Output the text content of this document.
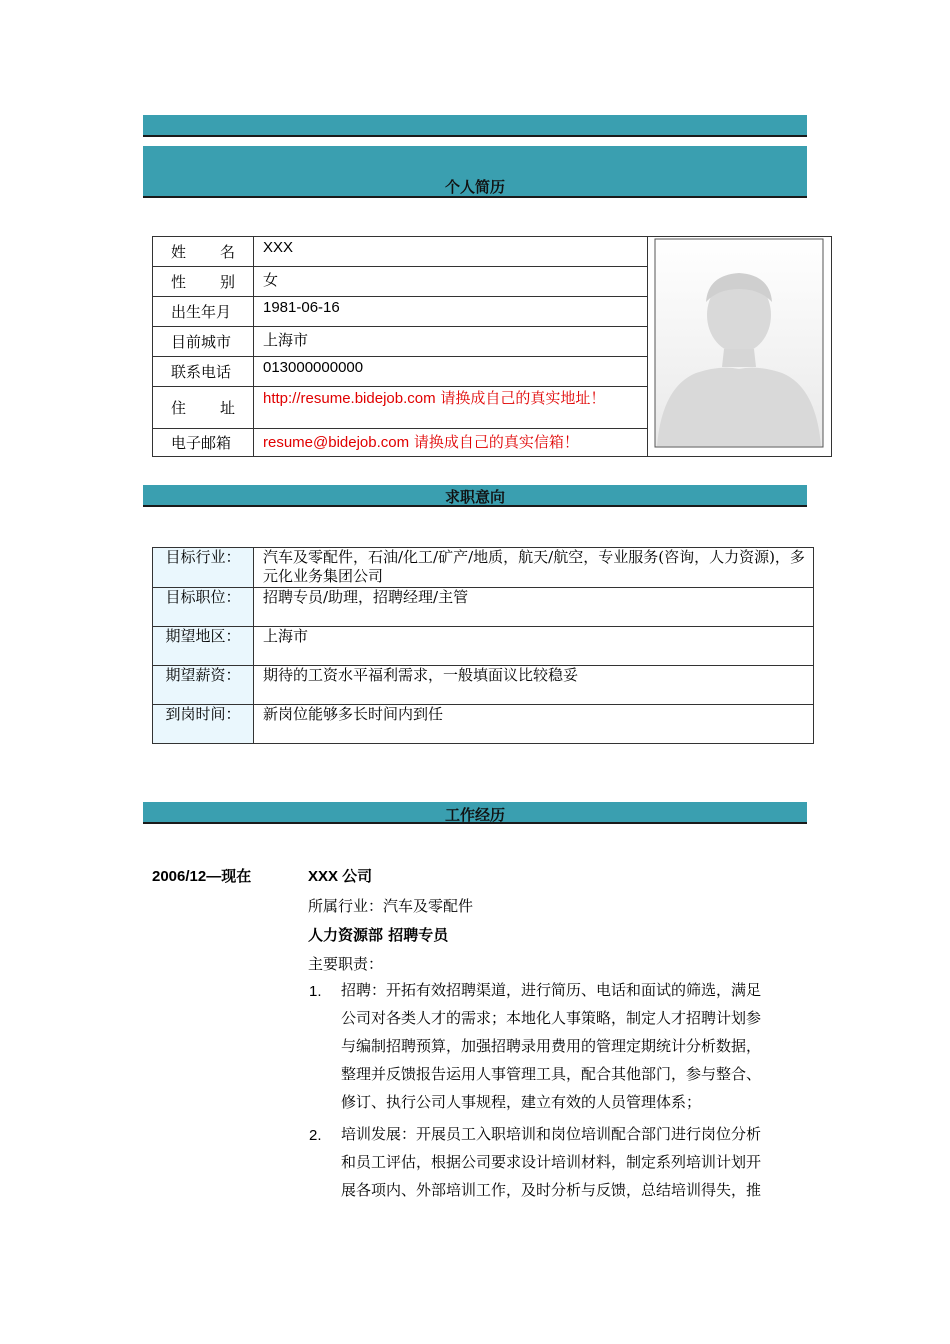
个人简历
姓 名	XXX	

性 别	女	

出生年月	1981-06-16	

目前城市	上海市	

联系电话	013000000000	

住 址	http://resume.bidejob.com 请换成自己的真实地址！	

电子邮箱	resume@bidejob.com 请换成自己的真实信箱！	
求职意向
目标行业：	汽车及零配件，石油/化工/矿产/地质，航天/航空，专业服务(咨询，人力资源)，多元化业务集团公司
目标职位：	招聘专员/助理，招聘经理/主管
期望地区：	上海市
期望薪资：	期待的工资水平福利需求，一般填面议比较稳妥
到岗时间：	新岗位能够多长时间内到任
工作经历
2006/12—现在	XXX 公司
所属行业：汽车及零配件
人力资源部 招聘专员
主要职责：
1. 招聘：开拓有效招聘渠道，进行简历、电话和面试的筛选，满足
公司对各类人才的需求；本地化人事策略，制定人才招聘计划参
与编制招聘预算，加强招聘录用费用的管理定期统计分析数据，
整理并反馈报告运用人事管理工具，配合其他部门，参与整合、
修订、执行公司人事规程，建立有效的人员管理体系；
2. 培训发展：开展员工入职培训和岗位培训配合部门进行岗位分析
和员工评估，根据公司要求设计培训材料，制定系列培训计划开
展各项内、外部培训工作，及时分析与反馈，总结培训得失，推
